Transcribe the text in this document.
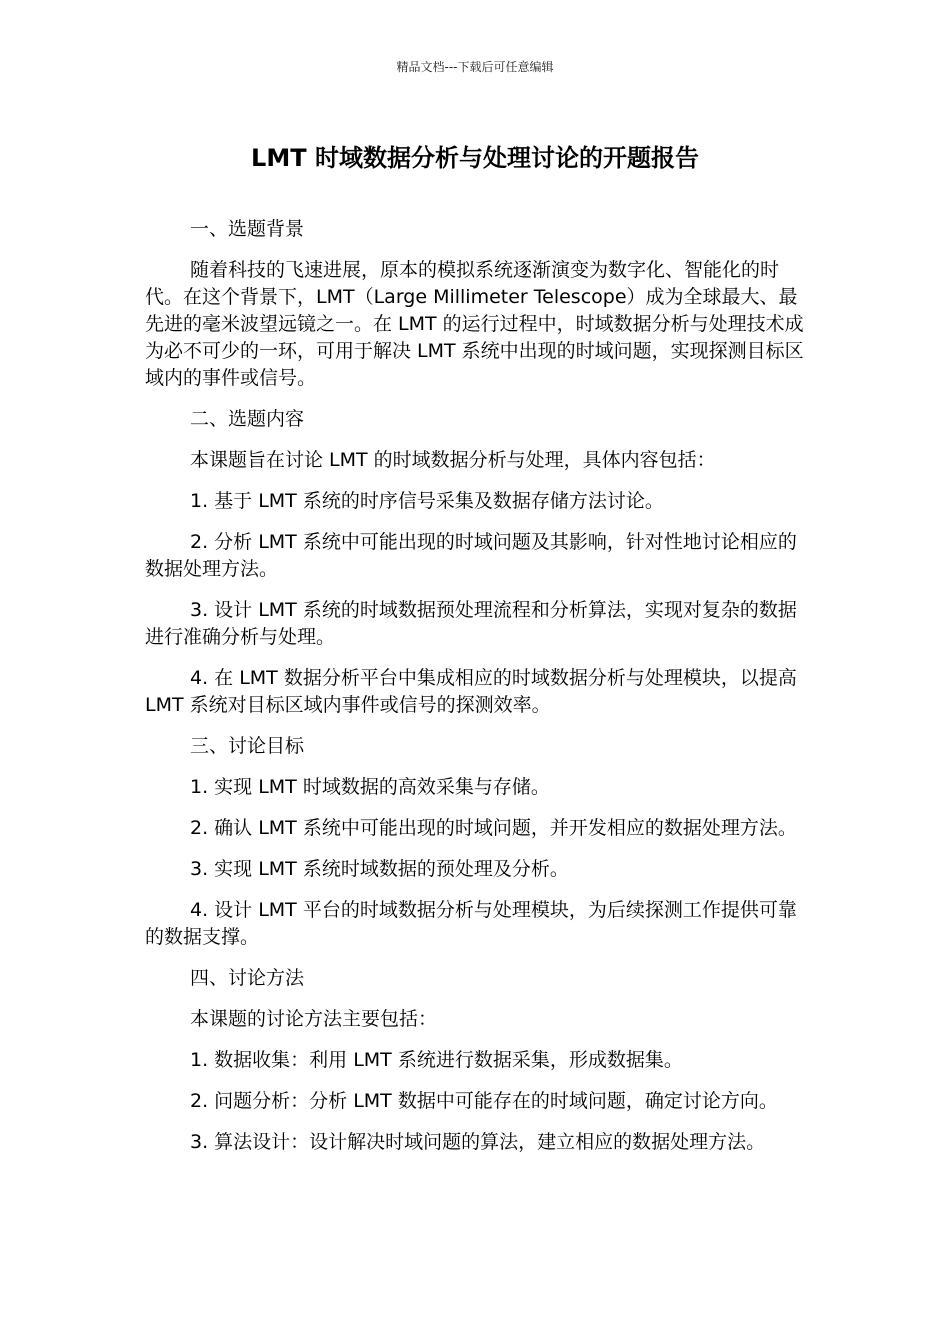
精品文档---下载后可任意编辑
LMT 时域数据分析与处理讨论的开题报告

一、选题背景

随着科技的飞速进展，原本的模拟系统逐渐演变为数字化、智能化的时代。在这个背景下，LMT（Large Millimeter Telescope）成为全球最大、最先进的毫米波望远镜之一。在 LMT 的运行过程中，时域数据分析与处理技术成为必不可少的一环，可用于解决 LMT 系统中出现的时域问题，实现探测目标区域内的事件或信号。

二、选题内容

本课题旨在讨论 LMT 的时域数据分析与处理，具体内容包括：

1. 基于 LMT 系统的时序信号采集及数据存储方法讨论。

2. 分析 LMT 系统中可能出现的时域问题及其影响，针对性地讨论相应的数据处理方法。

3. 设计 LMT 系统的时域数据预处理流程和分析算法，实现对复杂的数据进行准确分析与处理。

4. 在 LMT 数据分析平台中集成相应的时域数据分析与处理模块，以提高 LMT 系统对目标区域内事件或信号的探测效率。

三、讨论目标

1. 实现 LMT 时域数据的高效采集与存储。

2. 确认 LMT 系统中可能出现的时域问题，并开发相应的数据处理方法。

3. 实现 LMT 系统时域数据的预处理及分析。

4. 设计 LMT 平台的时域数据分析与处理模块，为后续探测工作提供可靠的数据支撑。

四、讨论方法

本课题的讨论方法主要包括：

1. 数据收集：利用 LMT 系统进行数据采集，形成数据集。

2. 问题分析：分析 LMT 数据中可能存在的时域问题，确定讨论方向。

3. 算法设计：设计解决时域问题的算法，建立相应的数据处理方法。
